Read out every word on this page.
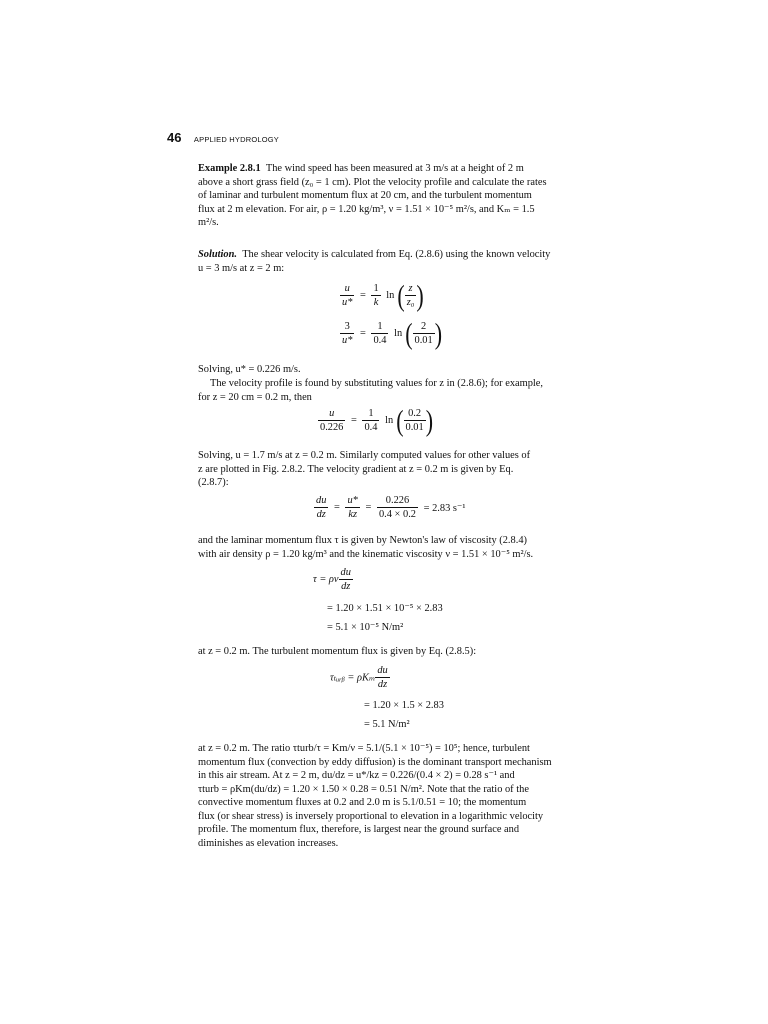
46 APPLIED HYDROLOGY
Example 2.8.1 The wind speed has been measured at 3 m/s at a height of 2 m
above a short grass field (z₀ = 1 cm). Plot the velocity profile and calculate the rates
of laminar and turbulent momentum flux at 20 cm, and the turbulent momentum
flux at 2 m elevation. For air, ρ = 1.20 kg/m³, ν = 1.51 × 10⁻⁵ m²/s, and Kₘ = 1.5
m²/s.
Solution. The shear velocity is calculated from Eq. (2.8.6) using the known velocity
u = 3 m/s at z = 2 m:
$\frac{u}{u*} = \frac{1}{k}$ ln ( $\frac{z}{\text{z₀}}$ )
$\frac{3}{u*} = \frac{1}{0.4}$ ln ( $\frac{2}{0.01}$ )
Solving, u* = 0.226 m/s.
The velocity profile is found by substituting values for z in (2.8.6); for example,
for z = 20 cm = 0.2 m, then
$\frac{u}{0.226} = \frac{1}{0.4}$ ln ( $\frac{0.2}{0.01}$ )
Solving, u = 1.7 m/s at z = 0.2 m. Similarly computed values for other values of
z are plotted in Fig. 2.8.2. The velocity gradient at z = 0.2 m is given by Eq.
(2.8.7):
$\frac{du}{dz} = \frac{u*}{kz} = \frac{0.226}{0.4 \times 0.2} = 2.83$ s⁻¹
and the laminar momentum flux τ is given by Newton's law of viscosity (2.8.4)
with air density ρ = 1.20 kg/m³ and the kinematic viscosity ν = 1.51 × 10⁻⁵ m²/s.
τ = ρν $\frac{du}{dz}$
= 1.20 × 1.51 × 10⁻⁵ × 2.83
= 5.1 × 10⁻⁵ N/m²
at z = 0.2 m. The turbulent momentum flux is given by Eq. (2.8.5):
τₜᵤᵣᵦ = ρKₘ $\frac{du}{dz}$
= 1.20 × 1.5 × 2.83
= 5.1 N/m²
at z = 0.2 m. The ratio τturb/τ = Km/ν = 5.1/(5.1 × 10⁻⁵) = 10⁵; hence, turbulent
momentum flux (convection by eddy diffusion) is the dominant transport mechanism
in this air stream. At z = 2 m, du/dz = u*/kz = 0.226/(0.4 × 2) = 0.28 s⁻¹ and
τturb = ρKm(du/dz) = 1.20 × 1.50 × 0.28 = 0.51 N/m². Note that the ratio of the
convective momentum fluxes at 0.2 and 2.0 m is 5.1/0.51 = 10; the momentum
flux (or shear stress) is inversely proportional to elevation in a logarithmic velocity
profile. The momentum flux, therefore, is largest near the ground surface and
diminishes as elevation increases.
